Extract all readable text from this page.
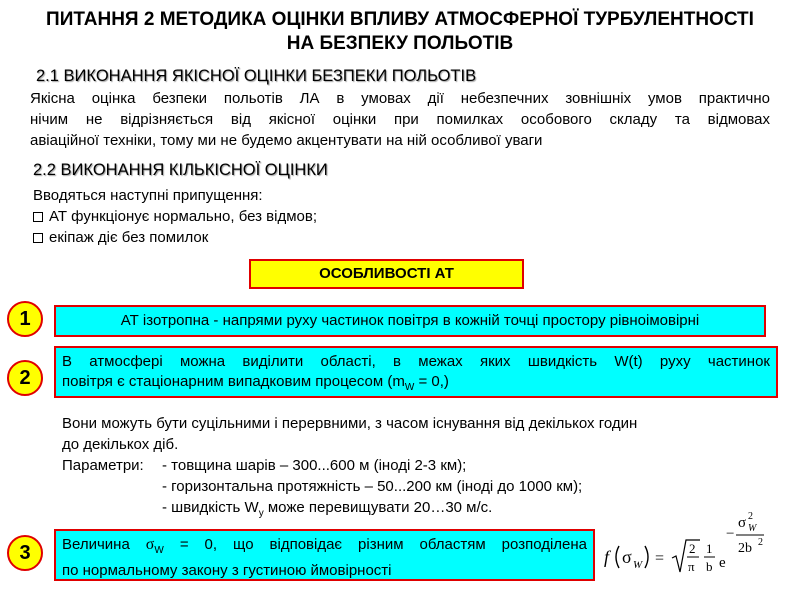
ПИТАННЯ 2 МЕТОДИКА ОЦІНКИ ВПЛИВУ АТМОСФЕРНОЇ ТУРБУЛЕНТНОСТІ
НА БЕЗПЕКУ ПОЛЬОТІВ
2.1 ВИКОНАННЯ ЯКІСНОЇ ОЦІНКИ БЕЗПЕКИ ПОЛЬОТІВ
Якісна оцінка безпеки польотів ЛА в умовах дії небезпечних зовнішніх умов практично
нічим не відрізняється від якісної оцінки при помилках особового складу та відмовах
авіаційної техніки, тому ми не будемо акцентувати на ній особливої уваги
2.2 ВИКОНАННЯ КІЛЬКІСНОЇ ОЦІНКИ
Вводяться наступні припущення:
АТ функціонує нормально, без відмов;
екіпаж діє без помилок
ОСОБЛИВОСТІ АТ
1	АТ ізотропна - напрями руху частинок повітря в кожній точці простору рівноімовірні
2
В атмосфері можна виділити області, в межах яких швидкість W(t) руху частинок
повітря є стаціонарним випадковим процесом $(m_W = 0,)$
Вони можуть бути суцільними і перервними, з часом існування від декількох годин
до декількох діб.
Параметри: - товщина шарів – 300...600 м (іноді 2-3 км);
- горизонтальна протяжність – 50...200 км (іноді до 1000 км);
- швидкість $W_y$ може перевищувати 20…30 м/с.
3	Величина $\sigma_W = 0$, що відповідає різним областям розподілена
по нормальному закону з густиною ймовірності
f σ W =
2
π
1
b e
−
σ 2
W
2b 2
